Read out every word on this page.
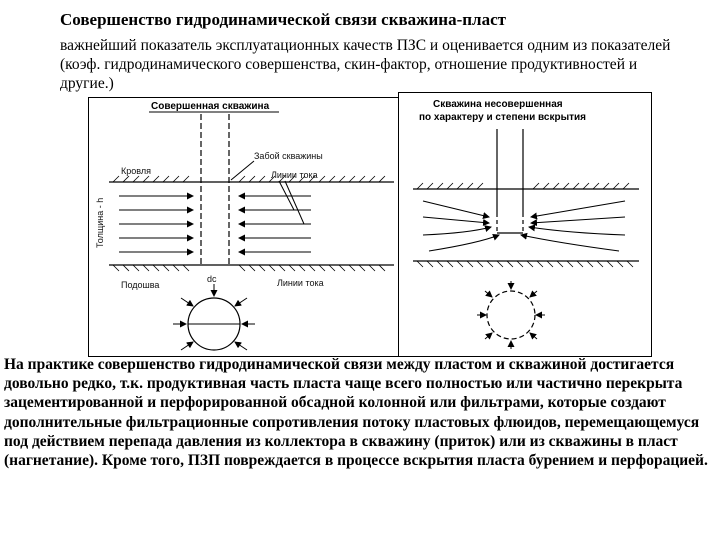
Совершенство гидродинамической связи скважина-пласт

важнейший показатель эксплуатационных качеств ПЗС и оценивается одним из показателей (коэф. гидродинамического совершенства, скин-фактор, отношение продуктивностей и другие.)

Совершенная скважина
Забой скважины
Линии тока
Кровля
Толщина - h
dc
Подошва	Линии тока
Скважина несовершенная
по характеру и степени вскрытия

На практике совершенство гидродинамической связи между пластом и скважиной достигается довольно редко, т.к. продуктивная часть пласта чаще всего полностью или частично перекрыта зацементированной и перфорированной обсадной колонной или фильтрами, которые создают дополнительные фильтрационные сопротивления потоку пластовых флюидов, перемещающемуся под действием перепада давления из коллектора в скважину (приток) или из скважины в пласт (нагнетание). Кроме того, ПЗП повреждается в процессе вскрытия пласта бурением и перфорацией.
